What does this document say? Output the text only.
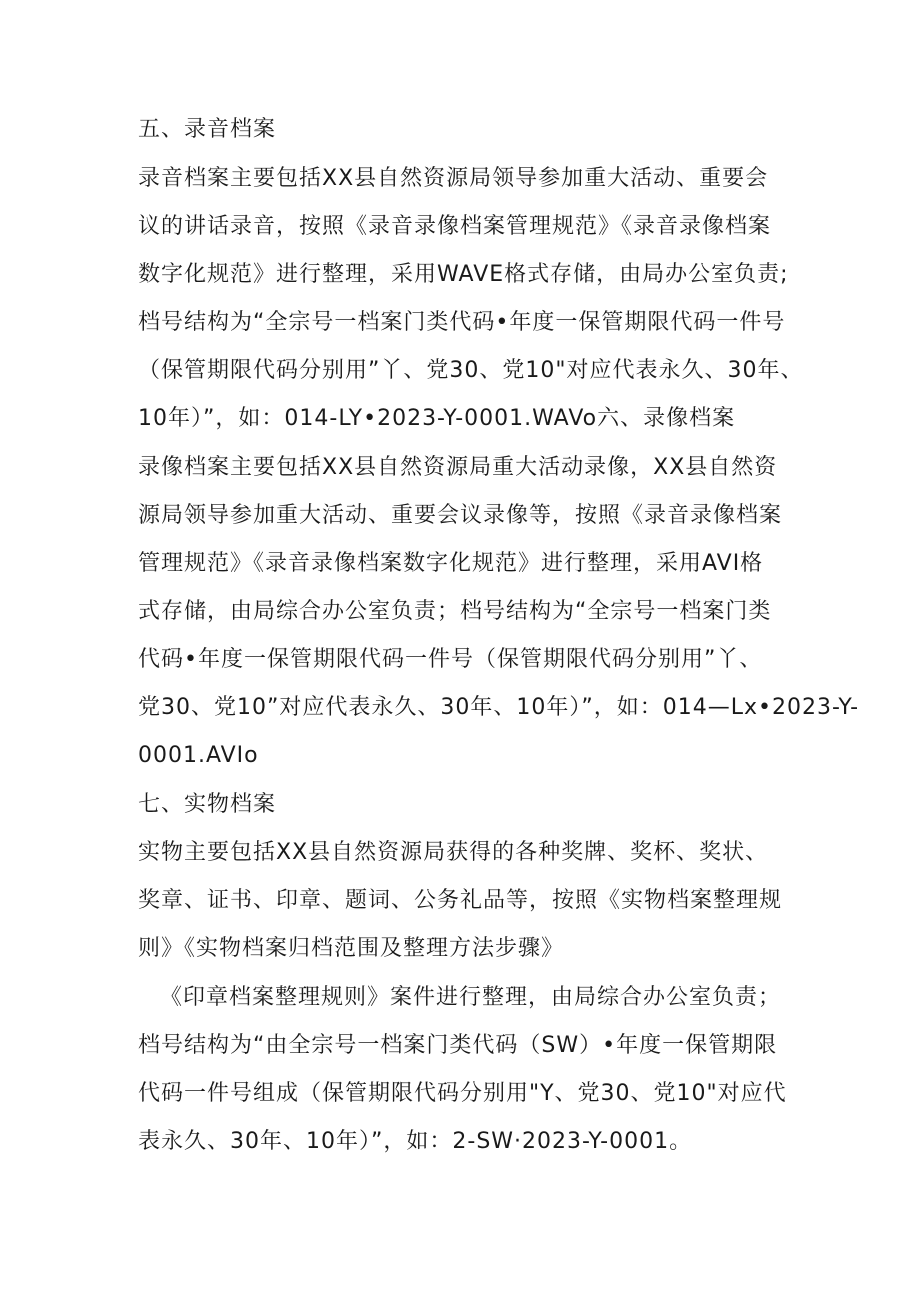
五、录音档案
录音档案主要包括XX县自然资源局领导参加重大活动、重要会
议的讲话录音，按照《录音录像档案管理规范》《录音录像档案
数字化规范》进行整理，采用WAVE格式存储，由局办公室负责;
档号结构为“全宗号一档案门类代码•年度一保管期限代码一件号
（保管期限代码分别用”丫、党30、党10"对应代表永久、30年、
10年）”，如：014-LY•2023-Y-0001.WAVo六、录像档案
录像档案主要包括XX县自然资源局重大活动录像，XX县自然资
源局领导参加重大活动、重要会议录像等，按照《录音录像档案
管理规范》《录音录像档案数字化规范》进行整理，采用AVI格
式存储，由局综合办公室负责；档号结构为“全宗号一档案门类
代码•年度一保管期限代码一件号（保管期限代码分别用”丫、
党30、党10”对应代表永久、30年、10年）”，如：014—Lx•2023-Y-
0001.AVIo
七、实物档案
实物主要包括XX县自然资源局获得的各种奖牌、奖杯、奖状、
奖章、证书、印章、题词、公务礼品等，按照《实物档案整理规
则》《实物档案归档范围及整理方法步骤》
《印章档案整理规则》案件进行整理，由局综合办公室负责；
档号结构为“由全宗号一档案门类代码（SW）•年度一保管期限
代码一件号组成（保管期限代码分别用"Y、党30、党10"对应代
表永久、30年、10年）”，如：2-SW·2023-Y-0001。
